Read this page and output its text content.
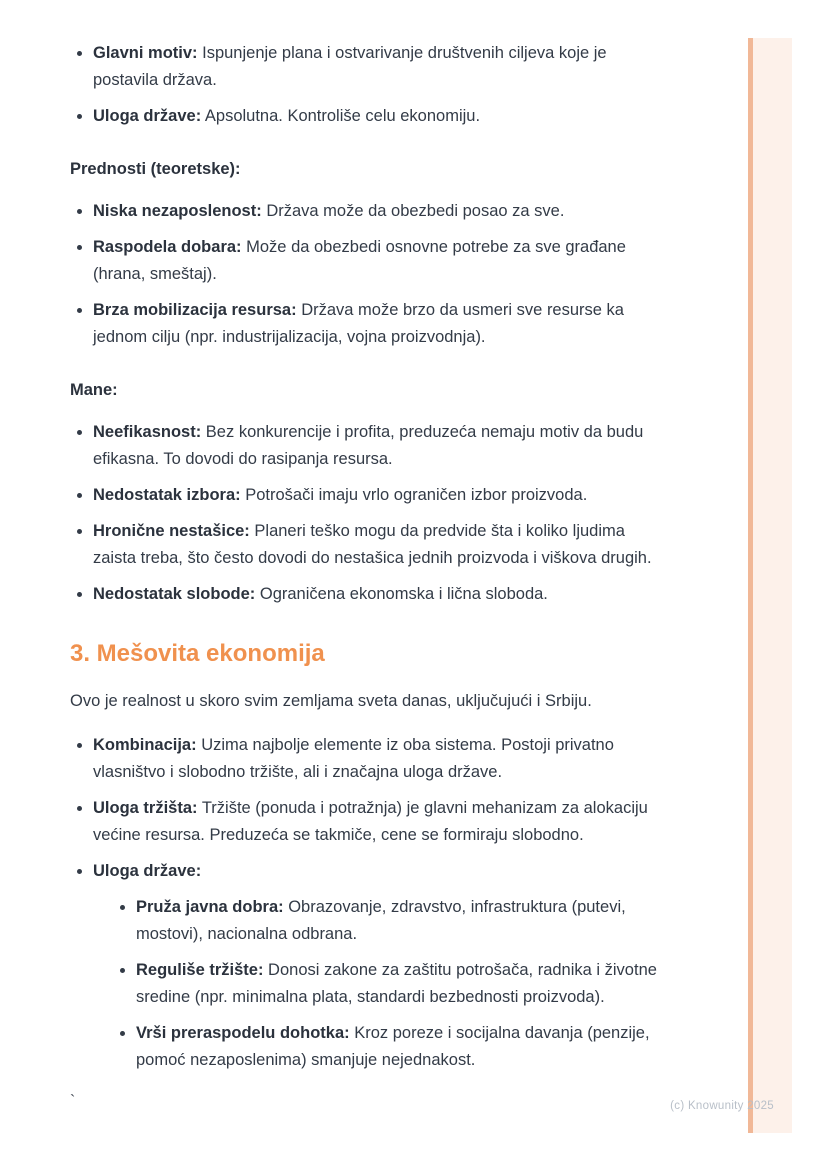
Glavni motiv: Ispunjenje plana i ostvarivanje društvenih ciljeva koje je postavila država.
Uloga države: Apsolutna. Kontroliše celu ekonomiju.
Prednosti (teoretske):
Niska nezaposlenost: Država može da obezbedi posao za sve.
Raspodela dobara: Može da obezbedi osnovne potrebe za sve građane (hrana, smeštaj).
Brza mobilizacija resursa: Država može brzo da usmeri sve resurse ka jednom cilju (npr. industrijalizacija, vojna proizvodnja).
Mane:
Neefikasnost: Bez konkurencije i profita, preduzeća nemaju motiv da budu efikasna. To dovodi do rasipanja resursa.
Nedostatak izbora: Potrošači imaju vrlo ograničen izbor proizvoda.
Hronične nestašice: Planeri teško mogu da predvide šta i koliko ljudima zaista treba, što često dovodi do nestašica jednih proizvoda i viškova drugih.
Nedostatak slobode: Ograničena ekonomska i lična sloboda.
3. Mešovita ekonomija

Ovo je realnost u skoro svim zemljama sveta danas, uključujući i Srbiju.

Kombinacija: Uzima najbolje elemente iz oba sistema. Postoji privatno vlasništvo i slobodno tržište, ali i značajna uloga države.
Uloga tržišta: Tržište (ponuda i potražnja) je glavni mehanizam za alokaciju većine resursa. Preduzeća se takmiče, cene se formiraju slobodno.
Uloga države:
Pruža javna dobra: Obrazovanje, zdravstvo, infrastruktura (putevi, mostovi), nacionalna odbrana.
Reguliše tržište: Donosi zakone za zaštitu potrošača, radnika i životne sredine (npr. minimalna plata, standardi bezbednosti proizvoda).
Vrši preraspodelu dohotka: Kroz poreze i socijalna davanja (penzije, pomoć nezaposlenima) smanjuje nejednakost.
`	(c) Knowunity 2025
